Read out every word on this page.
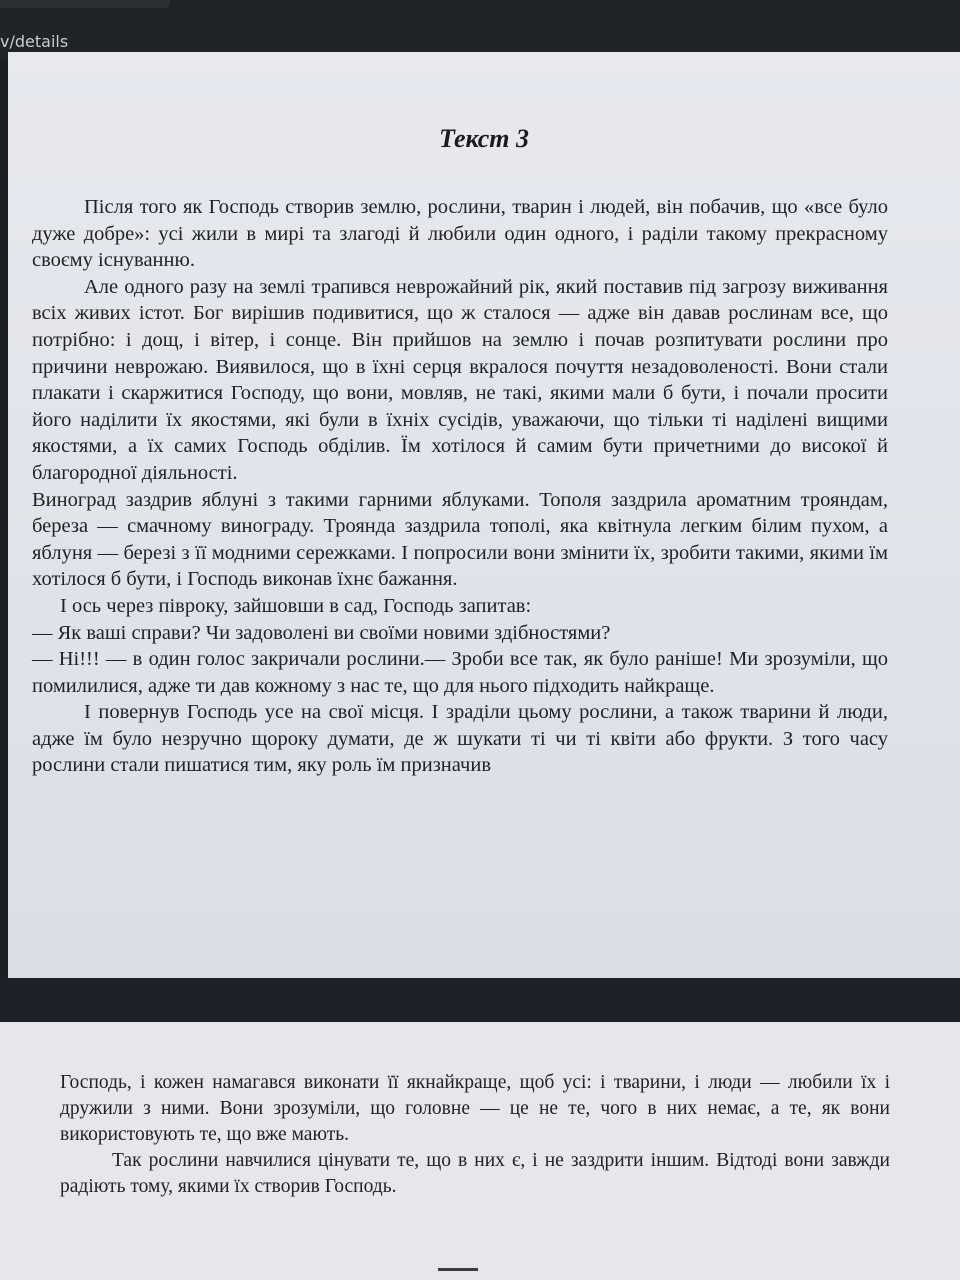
v/details
Текст 3

Після того як Господь створив землю, рослини, тварин і людей, він побачив, що «все було дуже добре»: усі жили в мирі та злагоді й любили один одного, і раділи такому прекрасному своєму існуванню.

Але одного разу на землі трапився неврожайний рік, який поставив під загрозу виживання всіх живих істот. Бог вирішив подивитися, що ж сталося — адже він давав рослинам все, що потрібно: і дощ, і вітер, і сонце. Він прийшов на землю і почав розпитувати рослини про причини неврожаю. Виявилося, що в їхні серця вкралося почуття незадоволеності. Вони стали плакати і скаржитися Господу, що вони, мовляв, не такі, якими мали б бути, і почали просити його наділити їх якостями, які були в їхніх сусідів, уважаючи, що тільки ті наділені вищими якостями, а їх самих Господь обділив. Їм хотілося й самим бути причетними до високої й благородної діяльності.

Виноград заздрив яблуні з такими гарними яблуками. Тополя заздрила ароматним трояндам, береза — смачному винограду. Троянда заздрила тополі, яка квітнула легким білим пухом, а яблуня — березі з її модними сережками. І попросили вони змінити їх, зробити такими, якими їм хотілося б бути, і Господь виконав їхнє бажання.

І ось через півроку, зайшовши в сад, Господь запитав:

— Як ваші справи? Чи задоволені ви своїми новими здібностями?

— Ні!!! — в один голос закричали рослини.— Зроби все так, як було раніше! Ми зрозуміли, що помилилися, адже ти дав кожному з нас те, що для нього підходить найкраще.

І повернув Господь усе на свої місця. І зраділи цьому рослини, а також тварини й люди, адже їм було незручно щороку думати, де ж шукати ті чи ті квіти або фрукти. З того часу рослини стали пишатися тим, яку роль їм призначив

Господь, і кожен намагався виконати її якнайкраще, щоб усі: і тварини, і люди — любили їх і дружили з ними. Вони зрозуміли, що головне — це не те, чого в них немає, а те, як вони використовують те, що вже мають.

Так рослини навчилися цінувати те, що в них є, і не заздрити іншим. Відтоді вони завжди радіють тому, якими їх створив Господь.
